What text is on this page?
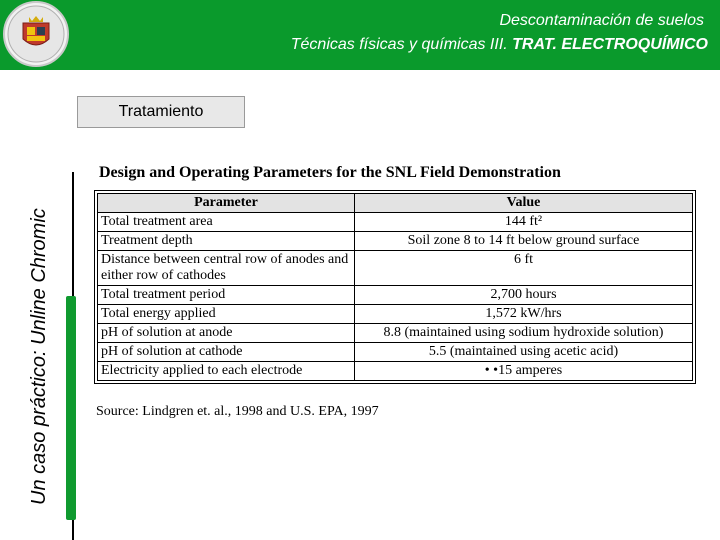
Descontaminación de suelos
Técnicas físicas y químicas III. TRAT. ELECTROQUÍMICO
Un caso práctico: Unline Chromic
Tratamiento
Design and Operating Parameters for the SNL Field Demonstration
Parameter	Value
Total treatment area	144 ft²
Treatment depth	Soil zone 8 to 14 ft below ground surface
Distance between central row of anodes and either row of cathodes	6 ft
Total treatment period	2,700 hours
Total energy applied	1,572 kW/hrs
pH of solution at anode	8.8 (maintained using sodium hydroxide solution)
pH of solution at cathode	5.5 (maintained using acetic acid)
Electricity applied to each electrode	• •15 amperes
Source: Lindgren et. al., 1998 and U.S. EPA, 1997
